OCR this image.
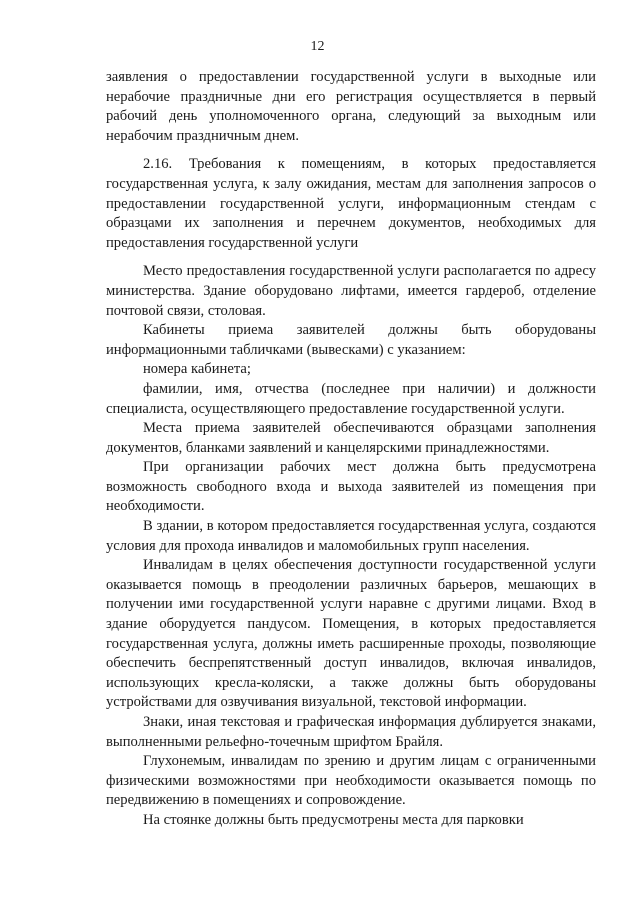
12

заявления о предоставлении государственной услуги в выходные или нерабочие праздничные дни его регистрация осуществляется в первый рабочий день уполномоченного органа, следующий за выходным или нерабочим праздничным днем.

2.16. Требования к помещениям, в которых предоставляется государственная услуга, к залу ожидания, местам для заполнения запросов о предоставлении государственной услуги, информационным стендам с образцами их заполнения и перечнем документов, необходимых для предоставления государственной услуги

Место предоставления государственной услуги располагается по адресу министерства. Здание оборудовано лифтами, имеется гардероб, отделение почтовой связи, столовая.

Кабинеты приема заявителей должны быть оборудованы информационными табличками (вывесками) с указанием:

номера кабинета;

фамилии, имя, отчества (последнее при наличии) и должности специалиста, осуществляющего предоставление государственной услуги.

Места приема заявителей обеспечиваются образцами заполнения документов, бланками заявлений и канцелярскими принадлежностями.

При организации рабочих мест должна быть предусмотрена возможность свободного входа и выхода заявителей из помещения при необходимости.

В здании, в котором предоставляется государственная услуга, создаются условия для прохода инвалидов и маломобильных групп населения.

Инвалидам в целях обеспечения доступности государственной услуги оказывается помощь в преодолении различных барьеров, мешающих в получении ими государственной услуги наравне с другими лицами. Вход в здание оборудуется пандусом. Помещения, в которых предоставляется государственная услуга, должны иметь расширенные проходы, позволяющие обеспечить беспрепятственный доступ инвалидов, включая инвалидов, использующих кресла-коляски, а также должны быть оборудованы устройствами для озвучивания визуальной, текстовой информации.

Знаки, иная текстовая и графическая информация дублируется знаками, выполненными рельефно-точечным шрифтом Брайля.

Глухонемым, инвалидам по зрению и другим лицам с ограниченными физическими возможностями при необходимости оказывается помощь по передвижению в помещениях и сопровождение.

На стоянке должны быть предусмотрены места для парковки
